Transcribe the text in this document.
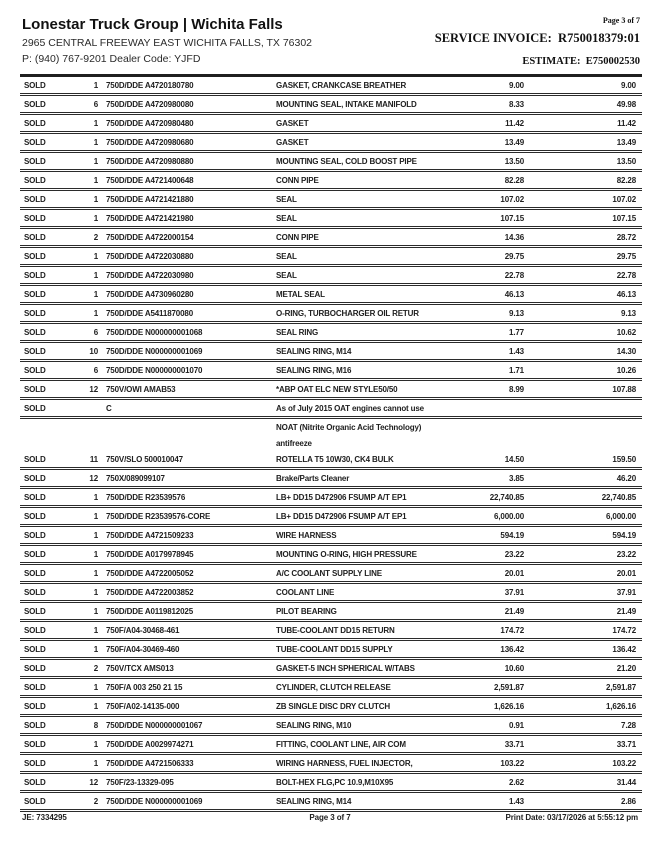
Lonestar Truck Group | Wichita Falls
2965 CENTRAL FREEWAY EAST WICHITA FALLS, TX 76302
P: (940) 767-9201 Dealer Code: YJFD
Page 3 of 7
SERVICE INVOICE: R750018379:01
ESTIMATE: E750002530
SOLD	1 750D/DDE A4720180780	GASKET, CRANKCASE BREATHER	9.00	9.00
SOLD	6 750D/DDE A4720980080	MOUNTING SEAL, INTAKE MANIFOLD	8.33	49.98
SOLD	1 750D/DDE A4720980480	GASKET	11.42	11.42
SOLD	1 750D/DDE A4720980680	GASKET	13.49	13.49
SOLD	1 750D/DDE A4720980880	MOUNTING SEAL, COLD BOOST PIPE	13.50	13.50
SOLD	1 750D/DDE A4721400648	CONN PIPE	82.28	82.28
SOLD	1 750D/DDE A4721421880	SEAL	107.02	107.02
SOLD	1 750D/DDE A4721421980	SEAL	107.15	107.15
SOLD	2 750D/DDE A4722000154	CONN PIPE	14.36	28.72
SOLD	1 750D/DDE A4722030880	SEAL	29.75	29.75
SOLD	1 750D/DDE A4722030980	SEAL	22.78	22.78
SOLD	1 750D/DDE A4730960280	METAL SEAL	46.13	46.13
SOLD	1 750D/DDE A5411870080	O-RING, TURBOCHARGER OIL RETUR	9.13	9.13
SOLD	6 750D/DDE N000000001068	SEAL RING	1.77	10.62
SOLD	10 750D/DDE N000000001069	SEALING RING, M14	1.43	14.30
SOLD	6 750D/DDE N000000001070	SEALING RING, M16	1.71	10.26
SOLD	12 750V/OWI AMAB53	*ABP OAT ELC NEW STYLE50/50	8.99	107.88
SOLD	C	As of July 2015 OAT engines cannot use
NOAT (Nitrite Organic Acid Technology)
antifreeze
SOLD	11 750V/SLO 500010047	ROTELLA T5 10W30, CK4 BULK	14.50	159.50
SOLD	12 750X/089099107	Brake/Parts Cleaner	3.85	46.20
SOLD	1 750D/DDE R23539576	LB+ DD15 D472906 FSUMP A/T EP1	22,740.85	22,740.85
SOLD	1 750D/DDE R23539576-CORE	LB+ DD15 D472906 FSUMP A/T EP1	6,000.00	6,000.00
SOLD	1 750D/DDE A4721509233	WIRE HARNESS	594.19	594.19
SOLD	1 750D/DDE A0179978945	MOUNTING O-RING, HIGH PRESSURE	23.22	23.22
SOLD	1 750D/DDE A4722005052	A/C COOLANT SUPPLY LINE	20.01	20.01
SOLD	1 750D/DDE A4722003852	COOLANT LINE	37.91	37.91
SOLD	1 750D/DDE A0119812025	PILOT BEARING	21.49	21.49
SOLD	1 750F/A04-30468-461	TUBE-COOLANT DD15 RETURN	174.72	174.72
SOLD	1 750F/A04-30469-460	TUBE-COOLANT DD15 SUPPLY	136.42	136.42
SOLD	2 750V/TCX AMS013	GASKET-5 INCH SPHERICAL W/TABS	10.60	21.20
SOLD	1 750F/A 003 250 21 15	CYLINDER, CLUTCH RELEASE	2,591.87	2,591.87
SOLD	1 750F/A02-14135-000	ZB SINGLE DISC DRY CLUTCH	1,626.16	1,626.16
SOLD	8 750D/DDE N000000001067	SEALING RING, M10	0.91	7.28
SOLD	1 750D/DDE A0029974271	FITTING, COOLANT LINE, AIR COM	33.71	33.71
SOLD	1 750D/DDE A4721506333	WIRING HARNESS, FUEL INJECTOR,	103.22	103.22
SOLD	12 750F/23-13329-095	BOLT-HEX FLG,PC 10.9,M10X95	2.62	31.44
SOLD	2 750D/DDE N000000001069	SEALING RING, M14	1.43	2.86
JE: 7334295	Page 3 of 7	Print Date: 03/17/2026 at 5:55:12 pm
